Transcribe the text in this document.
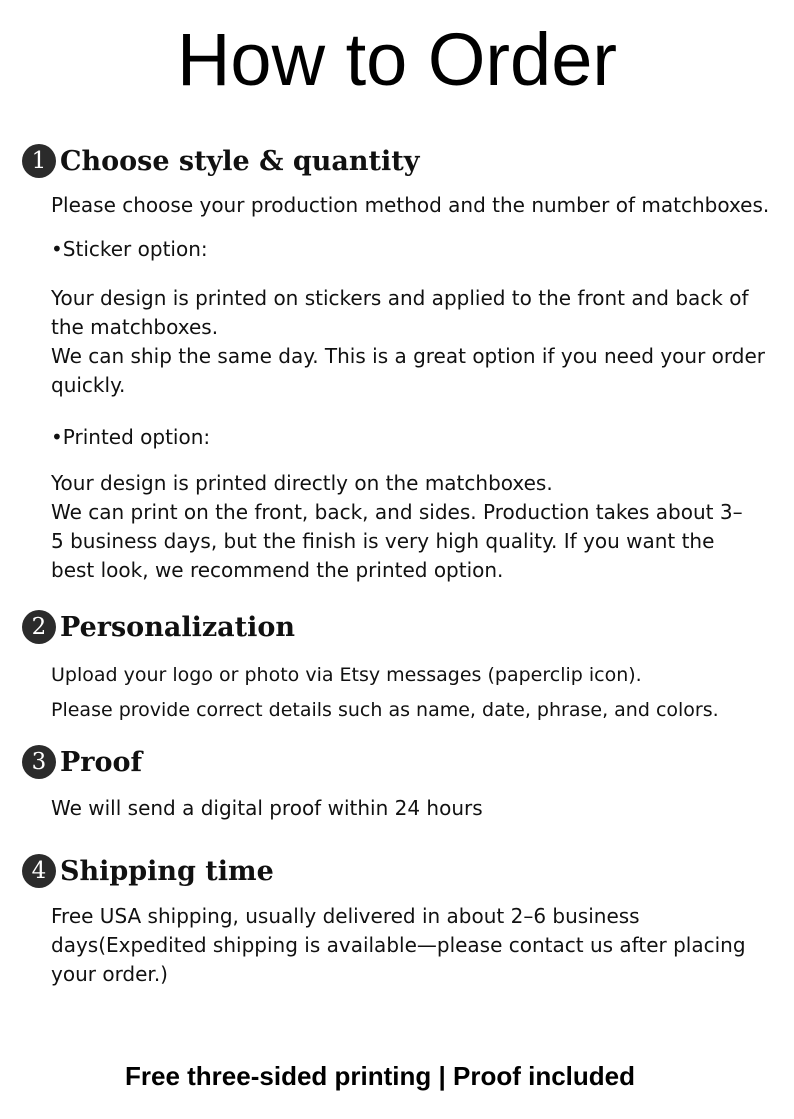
How to Order
1 Choose style & quantity

Please choose your production method and the number of matchboxes.

•Sticker option:

Your design is printed on stickers and applied to the front and back of the matchboxes.

We can ship the same day. This is a great option if you need your order quickly.

•Printed option:

Your design is printed directly on the matchboxes.

We can print on the front, back, and sides. Production takes about 3–5 business days, but the finish is very high quality. If you want the best look, we recommend the printed option.

2 Personalization

Upload your logo or photo via Etsy messages (paperclip icon).

Please provide correct details such as name, date, phrase, and colors.

3 Proof

We will send a digital proof within 24 hours

4 Shipping time

Free USA shipping, usually delivered in about 2–6 business days(Expedited shipping is available—please contact us after placing your order.)

Free three-sided printing | Proof included
